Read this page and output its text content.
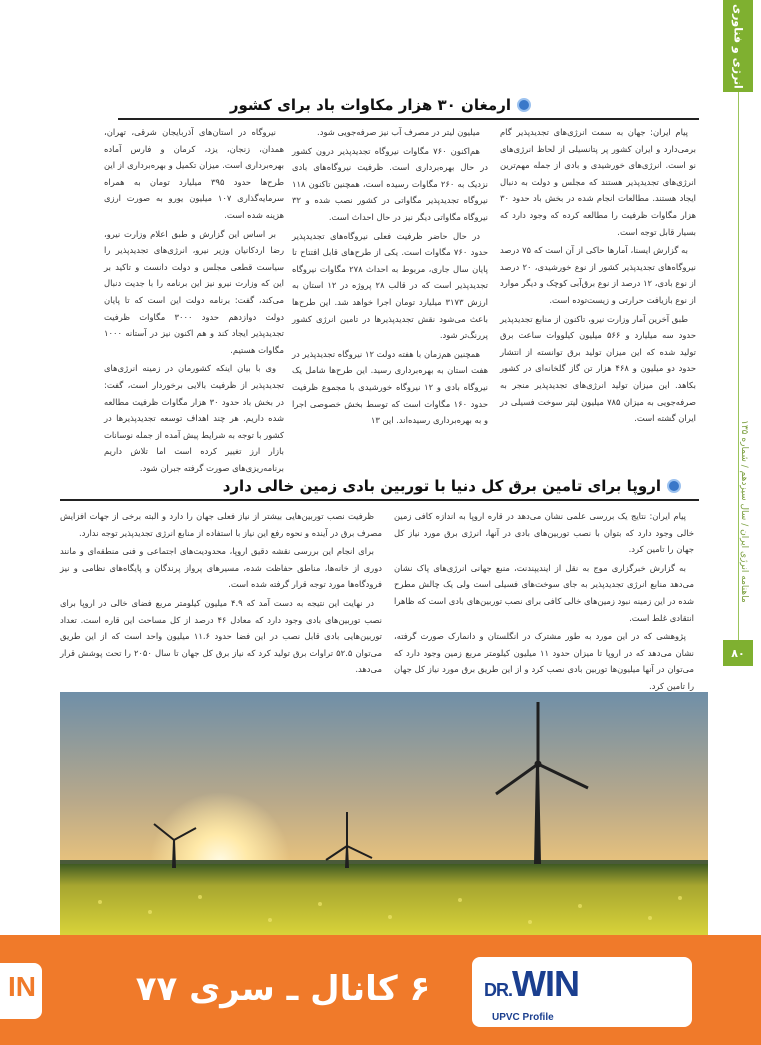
انرژی و فناوری
ماهنامه انرژی ایران / سال سیزدهم / شماره ۱۳۵
۸۰
ارمغان ۳۰ هزار مکاوات باد برای کشور

پیام ایران: جهان به سمت انرژی‌های تجدیدپذیر گام برمی‌دارد و ایران کشور پر پتانسیلی از لحاظ انرژی‌های نو است. انرژی‌های خورشیدی و بادی از جمله مهم‌ترین انرژی‌های تجدیدپذیر هستند که مجلس و دولت به دنبال ایجاد هستند. مطالعات انجام شده در بخش باد حدود ۳۰ هزار مگاوات ظرفیت را مطالعه کرده که وجود دارد که بسیار قابل توجه است.

به گزارش ایسنا، آمارها حاکی از آن است که ۷۵ درصد نیروگاه‌های تجدیدپذیر کشور از نوع خورشیدی، ۲۰ درصد از نوع بادی، ۱۲ درصد از نوع برق‌آبی کوچک و دیگر موارد از نوع بازیافت حرارتی و زیست‌توده است.

طبق آخرین آمار وزارت نیرو، تاکنون از منابع تجدیدپذیر حدود سه میلیارد و ۵۶۶ میلیون کیلووات ساعت برق تولید شده که این میزان تولید برق توانسته از انتشار حدود دو میلیون و ۴۶۸ هزار تن گاز گلخانه‌ای در کشور بکاهد. این میزان تولید انرژی‌های تجدیدپذیر منجر به صرفه‌جویی به میزان ۷۸۵ میلیون لیتر سوخت فسیلی در ایران گشته است.

میلیون لیتر در مصرف آب نیز صرفه‌جویی شود.

هم‌اکنون ۷۶۰ مگاوات نیروگاه تجدیدپذیر درون کشور در حال بهره‌برداری است. ظرفیت نیروگاه‌های بادی نزدیک به ۲۶۰ مگاوات رسیده است، همچنین تاکنون ۱۱۸ نیروگاه تجدیدپذیر مگاواتی در کشور نصب شده و ۳۲ نیروگاه مگاواتی دیگر نیز در حال احداث است.

در حال حاضر ظرفیت فعلی نیروگاه‌های تجدیدپذیر حدود ۷۶۰ مگاوات است. یکی از طرح‌های قابل افتتاح تا پایان سال جاری، مربوط به احداث ۲۷۸ مگاوات نیروگاه تجدیدپذیر است که در قالب ۲۸ پروژه در ۱۲ استان به ارزش ۳۱۷۳ میلیارد تومان اجرا خواهد شد. این طرح‌ها باعث می‌شود نقش تجدیدپذیرها در تامین انرژی کشور پررنگ‌تر شود.

همچنین هم‌زمان با هفته دولت ۱۲ نیروگاه تجدیدپذیر در هفت استان به بهره‌برداری رسید. این طرح‌ها شامل یک نیروگاه بادی و ۱۲ نیروگاه خورشیدی با مجموع ظرفیت حدود ۱۶۰ مگاوات است که توسط بخش خصوصی اجرا و به بهره‌برداری رسیده‌اند. این ۱۳

نیروگاه در استان‌های آذربایجان شرقی، تهران، همدان، زنجان، یزد، کرمان و فارس آماده بهره‌برداری است. میزان تکمیل و بهره‌برداری از این طرح‌ها حدود ۳۹۵ میلیارد تومان به همراه سرمایه‌گذاری ۱۰۷ میلیون یورو به صورت ارزی هزینه شده است.

بر اساس این گزارش و طبق اعلام وزارت نیرو، رضا اردکانیان وزیر نیرو، انرژی‌های تجدیدپذیر را سیاست قطعی مجلس و دولت دانست و تاکید بر این که وزارت نیرو نیز این برنامه را با جدیت دنبال می‌کند، گفت: برنامه دولت این است که تا پایان دولت دوازدهم حدود ۳۰۰۰ مگاوات ظرفیت تجدیدپذیر ایجاد کند و هم اکنون نیز در آستانه ۱۰۰۰ مگاوات هستیم.

وی با بیان اینکه کشورمان در زمینه انرژی‌های تجدیدپذیر از ظرفیت بالایی برخوردار است، گفت: در بخش باد حدود ۳۰ هزار مگاوات ظرفیت مطالعه شده داریم. هر چند اهداف توسعه تجدیدپذیرها در کشور با توجه به شرایط پیش آمده از جمله نوسانات بازار ارز تغییر کرده است اما تلاش داریم برنامه‌ریزی‌های صورت گرفته جبران شود.

اروپا برای تامین برق کل دنیا با توربین بادی زمین خالی دارد

پیام ایران: نتایج یک بررسی علمی نشان می‌دهد در قاره اروپا به اندازه کافی زمین خالی وجود دارد که بتوان با نصب توربین‌های بادی در آنها، انرژی برق مورد نیاز کل جهان را تامین کرد.

به گزارش خبرگزاری موج به نقل از ایندیپندنت، منبع جهانی انرژی‌های پاک نشان می‌دهد منابع انرژی تجدیدپذیر به جای سوخت‌های فسیلی است ولی یک چالش مطرح شده در این زمینه نبود زمین‌های خالی کافی برای نصب توربین‌های بادی است که ظاهرا انتقادی غلط است.

پژوهشی که در این مورد به طور مشترک در انگلستان و دانمارک صورت گرفته، نشان می‌دهد که در اروپا تا میزان حدود ۱۱ میلیون کیلومتر مربع زمین وجود دارد که می‌توان در آنها میلیون‌ها توربین بادی نصب کرد و از این طریق برق مورد نیاز کل جهان را تامین کرد.

ظرفیت نصب توربین‌هایی بیشتر از نیاز فعلی جهان را دارد و البته برخی از جهات افزایش مصرف برق در آینده و نحوه رفع این نیاز با استفاده از منابع انرژی تجدیدپذیر توجه ندارد.

برای انجام این بررسی نقشه دقیق اروپا، محدودیت‌های اجتماعی و فنی منطقه‌ای و مانند دوری از خانه‌ها، مناطق حفاظت شده، مسیرهای پرواز پرندگان و پایگاه‌های نظامی و نیز فرودگاه‌ها مورد توجه قرار گرفته شده است.

در نهایت این نتیجه به دست آمد که ۴.۹ میلیون کیلومتر مربع فضای خالی در اروپا برای نصب توربین‌های بادی وجود دارد که معادل ۴۶ درصد از کل مساحت این قاره است. تعداد توربین‌هایی بادی قابل نصب در این فضا حدود ۱۱.۶ میلیون واحد است که از این طریق می‌توان ۵۲.۵ تراوات برق تولید کرد که نیاز برق کل جهان تا سال ۲۰۵۰ را تحت پوشش قرار می‌دهد.

IN	۶ کانال ـ سری ۷۷	DR.WIN
UPVC Profile
